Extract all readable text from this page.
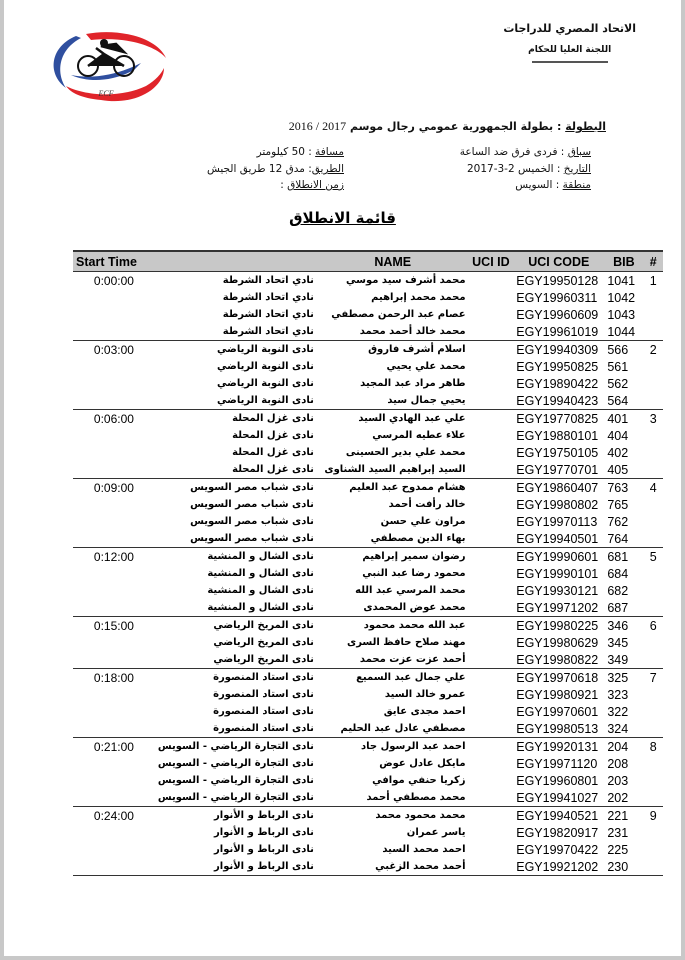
ECF
الاتحاد المصري للدراجات
اللجنة العليا للحكام
البطولة : بطولة الجمهورية عمومي رجال موسم 2017 / 2016
سباق : فردى فرق ضد الساعة
مسافة : 50 كيلومتر
التاريخ : الخميس 2-3-2017
الطريق: مدق 12 طريق الجيش
منطقة : السويس
زمن الانطلاق :
قائمة الانطلاق
Start Time		NAME	UCI ID	UCI CODE	BIB	#
0:00:00	نادي اتحاد الشرطة	محمد أشرف سيد موسي		EGY19950128	1041	1
	نادي اتحاد الشرطة	محمد محمد إبراهيم		EGY19960311	1042	
	نادي اتحاد الشرطة	عصام عبد الرحمن مصطفي		EGY19960609	1043	
	نادي اتحاد الشرطة	محمد خالد أحمد محمد		EGY19961019	1044	
0:03:00	نادى النوبة الرياضي	اسلام أشرف فاروق		EGY19940309	566	2
	نادى النوبة الرياضي	محمد علي يحيي		EGY19950825	561	
	نادى النوبة الرياضي	طاهر مراد عبد المجيد		EGY19890422	562	
	نادى النوبة الرياضي	يحيي جمال سيد		EGY19940423	564	
0:06:00	نادى غزل المحلة	علي عبد الهادي السيد		EGY19770825	401	3
	نادى غزل المحلة	علاء عطيه المرسي		EGY19880101	404	
	نادى غزل المحلة	محمد علي بدير الحسينى		EGY19750105	402	
	نادى غزل المحلة	السيد إبراهيم السيد الشناوى		EGY19770701	405	
0:09:00	نادى شباب مصر السويس	هشام ممدوح عبد العليم		EGY19860407	763	4
	نادى شباب مصر السويس	خالد رأفت أحمد		EGY19980802	765	
	نادى شباب مصر السويس	مراون علي حسن		EGY19970113	762	
	نادى شباب مصر السويس	بهاء الدين مصطفي		EGY19940501	764	
0:12:00	نادى الشال و المنشية	رضوان سمير إبراهيم		EGY19990601	681	5
	نادى الشال و المنشية	محمود رضا عبد النبي		EGY19990101	684	
	نادى الشال و المنشية	محمد المرسي عبد الله		EGY19930121	682	
	نادى الشال و المنشية	محمد عوض المحمدى		EGY19971202	687	
0:15:00	نادى المريخ الرياضي	عبد الله محمد محمود		EGY19980225	346	6
	نادى المريخ الرياضي	مهند صلاح حافظ السرى		EGY19980629	345	
	نادى المريخ الرياضي	أحمد عزت عزت محمد		EGY19980822	349	
0:18:00	نادى استاد المنصورة	علي جمال عبد السميع		EGY19970618	325	7
	نادى استاد المنصورة	عمرو خالد السيد		EGY19980921	323	
	نادى استاد المنصورة	احمد مجدى عايق		EGY19970601	322	
	نادى استاد المنصورة	مصطفي عادل عبد الحليم		EGY19980513	324	
0:21:00	نادى التجارة الرياضي - السويس	احمد عبد الرسول جاد		EGY19920131	204	8
	نادى التجارة الرياضي - السويس	مايكل عادل عوض		EGY19971120	208	
	نادى التجارة الرياضي - السويس	زكريا حنفي موافي		EGY19960801	203	
	نادى التجارة الرياضي - السويس	محمد مصطفي أحمد		EGY19941027	202	
0:24:00	نادى الرباط و الأنوار	محمد محمود محمد		EGY19940521	221	9
	نادى الرباط و الأنوار	ياسر عمران		EGY19820917	231	
	نادى الرباط و الأنوار	احمد محمد السيد		EGY19970422	225	
	نادى الرباط و الأنوار	أحمد محمد الزغبي		EGY19921202	230	
